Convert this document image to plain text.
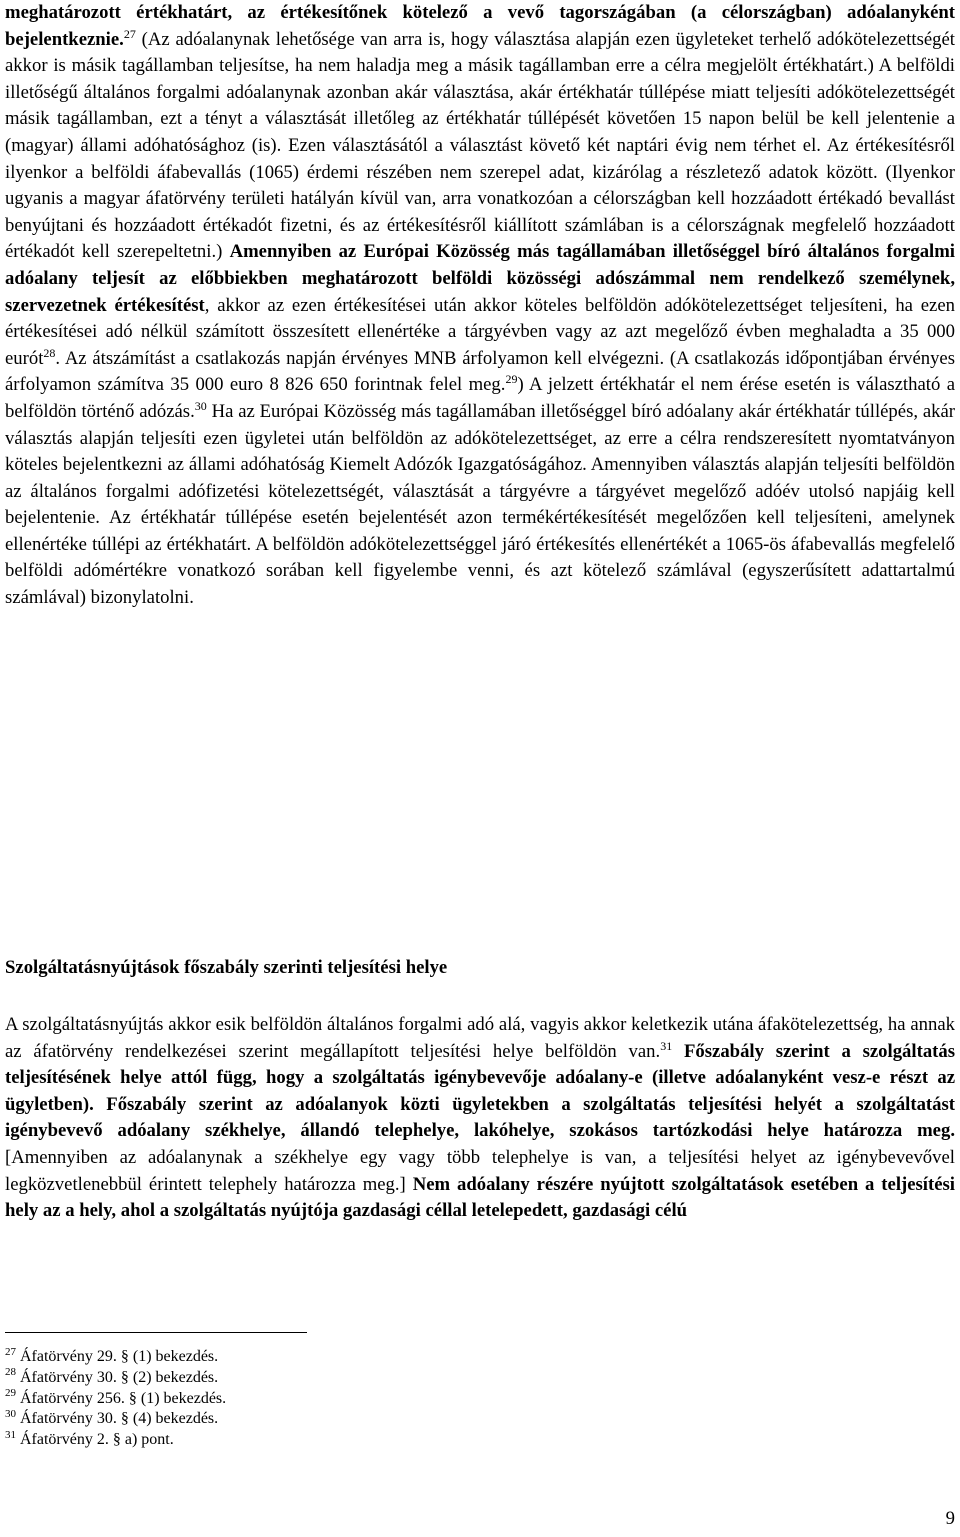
meghatározott értékhatárt, az értékesítőnek kötelező a vevő tagországában (a célországban) adóalanyként bejelentkeznie.$^{27}$ (Az adóalanynak lehetősége van arra is, hogy választása alapján ezen ügyleteket terhelő adókötelezettségét akkor is másik tagállamban teljesítse, ha nem haladja meg a másik tagállamban erre a célra megjelölt értékhatárt.) A belföldi illetőségű általános forgalmi adóalanynak azonban akár választása, akár értékhatár túllépése miatt teljesíti adókötelezettségét másik tagállamban, ezt a tényt a választását illetőleg az értékhatár túllépését követően 15 napon belül be kell jelentenie a (magyar) állami adóhatósághoz (is). Ezen választásától a választást követő két naptári évig nem térhet el. Az értékesítésről ilyenkor a belföldi áfabevallás (1065) érdemi részében nem szerepel adat, kizárólag a részletező adatok között. (Ilyenkor ugyanis a magyar áfatörvény területi hatályán kívül van, arra vonatkozóan a célországban kell hozzáadott értékadó bevallást benyújtani és hozzáadott értékadót fizetni, és az értékesítésről kiállított számlában is a célországnak megfelelő hozzáadott értékadót kell szerepeltetni.) Amennyiben az Európai Közösség más tagállamában illetőséggel bíró általános forgalmi adóalany teljesít az előbbiekben meghatározott belföldi közösségi adószámmal nem rendelkező személynek, szervezetnek értékesítést, akkor az ezen értékesítései után akkor köteles belföldön adókötelezettséget teljesíteni, ha ezen értékesítései adó nélkül számított összesített ellenértéke a tárgyévben vagy az azt megelőző évben meghaladta a 35 000 eurót$^{28}$. Az átszámítást a csatlakozás napján érvényes MNB árfolyamon kell elvégezni. (A csatlakozás időpontjában érvényes árfolyamon számítva 35 000 euro 8 826 650 forintnak felel meg.$^{29}$) A jelzett értékhatár el nem érése esetén is választható a belföldön történő adózás.$^{30}$ Ha az Európai Közösség más tagállamában illetőséggel bíró adóalany akár értékhatár túllépés, akár választás alapján teljesíti ezen ügyletei után belföldön az adókötelezettséget, az erre a célra rendszeresített nyomtatványon köteles bejelentkezni az állami adóhatóság Kiemelt Adózók Igazgatóságához. Amennyiben választás alapján teljesíti belföldön az általános forgalmi adófizetési kötelezettségét, választását a tárgyévre a tárgyévet megelőző adóév utolsó napjáig kell bejelentenie. Az értékhatár túllépése esetén bejelentését azon termékértékesítését megelőzően kell teljesíteni, amelynek ellenértéke túllépi az értékhatárt. A belföldön adókötelezettséggel járó értékesítés ellenértékét a 1065-ös áfabevallás megfelelő belföldi adómértékre vonatkozó sorában kell figyelembe venni, és azt kötelező számlával (egyszerűsített adattartalmú számlával) bizonylatolni.

Szolgáltatásnyújtások főszabály szerinti teljesítési helye

A szolgáltatásnyújtás akkor esik belföldön általános forgalmi adó alá, vagyis akkor keletkezik utána áfakötelezettség, ha annak az áfatörvény rendelkezései szerint megállapított teljesítési helye belföldön van.$^{31}$ Főszabály szerint a szolgáltatás teljesítésének helye attól függ, hogy a szolgáltatás igénybevevője adóalany-e (illetve adóalanyként vesz-e részt az ügyletben). Főszabály szerint az adóalanyok közti ügyletekben a szolgáltatás teljesítési helyét a szolgáltatást igénybevevő adóalany székhelye, állandó telephelye, lakóhelye, szokásos tartózkodási helye határozza meg. [Amennyiben az adóalanynak a székhelye egy vagy több telephelye is van, a teljesítési helyet az igénybevevővel legközvetlenebbül érintett telephely határozza meg.] Nem adóalany részére nyújtott szolgáltatások esetében a teljesítési hely az a hely, ahol a szolgáltatás nyújtója gazdasági céllal letelepedett, gazdasági célú

$^{27}$ Áfatörvény 29. § (1) bekezdés.

$^{28}$ Áfatörvény 30. § (2) bekezdés.

$^{29}$ Áfatörvény 256. § (1) bekezdés.

$^{30}$ Áfatörvény 30. § (4) bekezdés.

$^{31}$ Áfatörvény 2. § a) pont.

9
